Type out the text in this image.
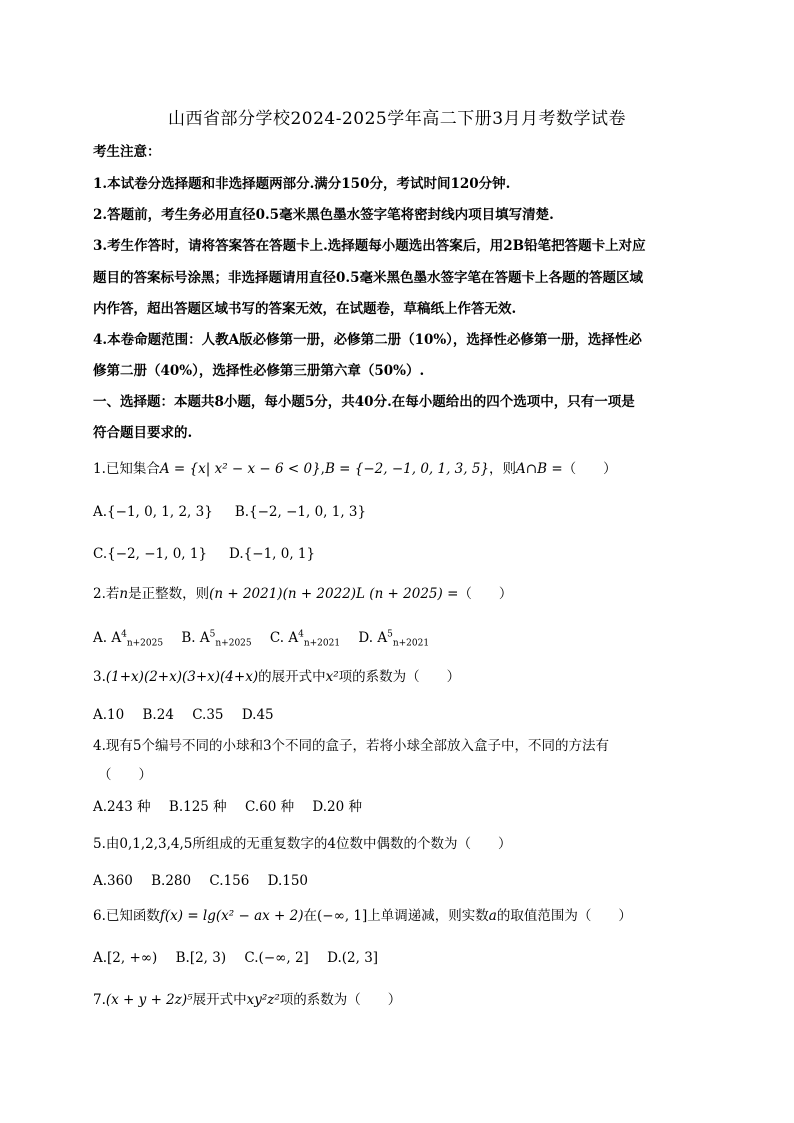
山西省部分学校2024-2025学年高二下册3月月考数学试卷
考生注意：
1.本试卷分选择题和非选择题两部分.满分150分，考试时间120分钟.
2.答题前，考生务必用直径0.5毫米黑色墨水签字笔将密封线内项目填写清楚.
3.考生作答时，请将答案答在答题卡上.选择题每小题选出答案后，用2B铅笔把答题卡上对应
题目的答案标号涂黑；非选择题请用直径0.5毫米黑色墨水签字笔在答题卡上各题的答题区域
内作答，超出答题区域书写的答案无效，在试题卷，草稿纸上作答无效.
4.本卷命题范围：人教A版必修第一册，必修第二册（10%），选择性必修第一册，选择性必
修第二册（40%），选择性必修第三册第六章（50%）.
一、选择题：本题共8小题，每小题5分，共40分.在每小题给出的四个选项中，只有一项是
符合题目要求的.
1.已知集合A = {x| x² − x − 6 < 0},B = {−2, −1, 0, 1, 3, 5}，则A∩B =（　　）
A.{−1, 0, 1, 2, 3} B.{−2, −1, 0, 1, 3}
C.{−2, −1, 0, 1} D.{−1, 0, 1}
2.若n是正整数，则(n + 2021)(n + 2022)L (n + 2025) =（　　）
A. $A^4_{n+2025}$ B. $A^5_{n+2025}$ C. $A^4_{n+2021}$ D. $A^5_{n+2021}$
3.(1+x)(2+x)(3+x)(4+x)的展开式中x²项的系数为（　　）
A.10 B.24 C.35 D.45
4.现有5个编号不同的小球和3个不同的盒子，若将小球全部放入盒子中，不同的方法有
（　　）
A.243 种 B.125 种 C.60 种 D.20 种
5.由0,1,2,3,4,5所组成的无重复数字的4位数中偶数的个数为（　　）
A.360 B.280 C.156 D.150
6.已知函数f(x) = lg(x² − ax + 2)在(−∞, 1]上单调递减，则实数a的取值范围为（　　）
A.[2, +∞) B.[2, 3) C.(−∞, 2] D.(2, 3]
7.(x + y + 2z)⁵展开式中xy²z²项的系数为（　　）
